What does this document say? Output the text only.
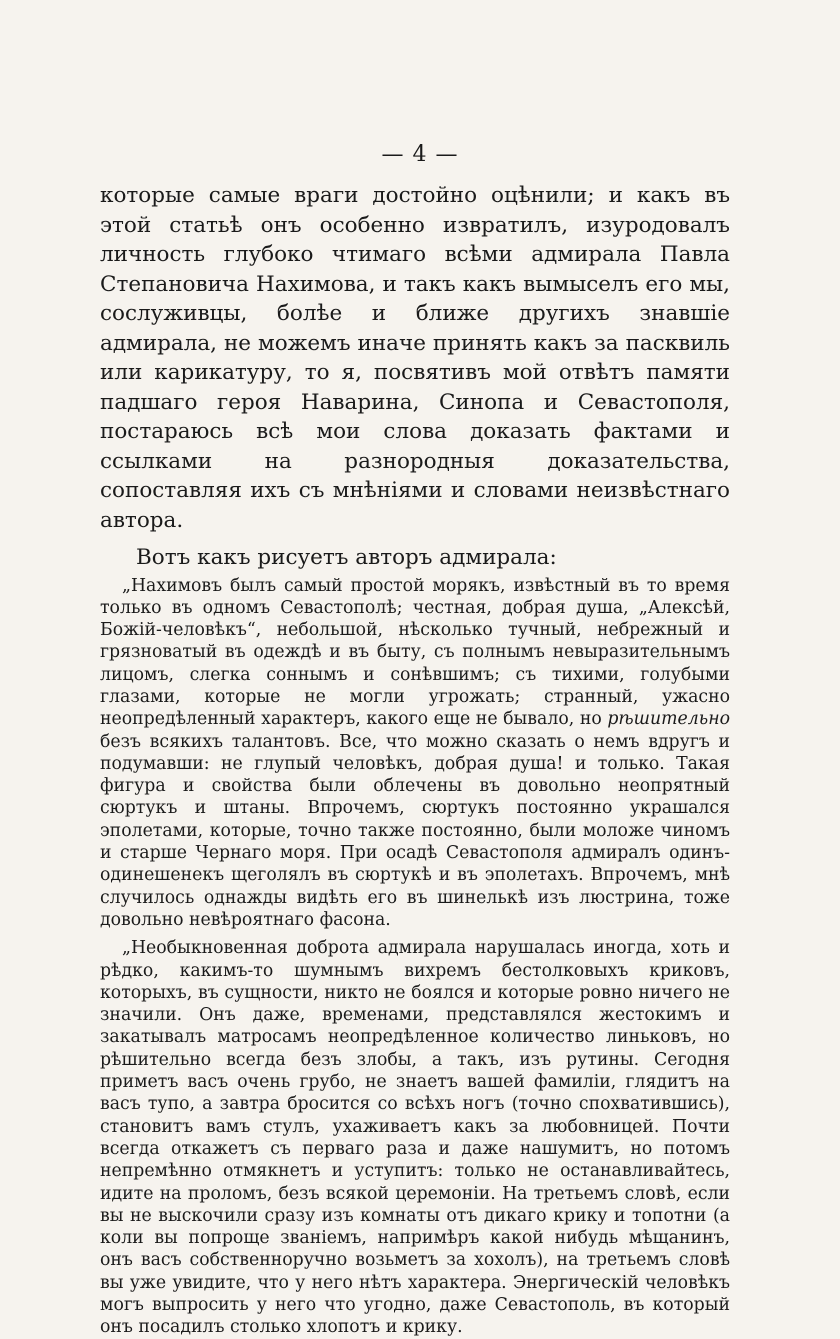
— 4 —

которые самые враги достойно оцѣнили; и какъ въ этой статьѣ онъ особенно извратилъ, изуродовалъ личность глубоко чтимаго всѣми адмирала Павла Степановича Нахимова, и такъ какъ вымыселъ его мы, сослуживцы, болѣе и ближе другихъ знавшіе адмирала, не можемъ иначе принять какъ за пасквиль или карикатуру, то я, посвятивъ мой отвѣтъ памяти падшаго героя Наварина, Синопа и Севастополя, постараюсь всѣ мои слова доказать фактами и ссылками на разнородныя доказательства, сопоставляя ихъ съ мнѣніями и словами неизвѣстнаго автора.

Вотъ какъ рисуетъ авторъ адмирала:

„Нахимовъ былъ самый простой морякъ, извѣстный въ то время только въ одномъ Севастополѣ; честная, добрая душа, „Алексѣй, Божій-человѣкъ“, небольшой, нѣсколько тучный, небрежный и грязноватый въ одеждѣ и въ быту, съ полнымъ невыразительнымъ лицомъ, слегка соннымъ и сонѣвшимъ; съ тихими, голубыми глазами, которые не могли угрожать; странный, ужасно неопредѣленный характеръ, какого еще не бывало, но рѣшительно безъ всякихъ талантовъ. Все, что можно сказать о немъ вдругъ и подумавши: не глупый человѣкъ, добрая душа! и только. Такая фигура и свойства были облечены въ довольно неопрятный сюртукъ и штаны. Впрочемъ, сюртукъ постоянно украшался эполетами, которые, точно также постоянно, были моложе чиномъ и старше Чернаго моря. При осадѣ Севастополя адмиралъ одинъ-одинешенекъ щеголялъ въ сюртукѣ и въ эполетахъ. Впрочемъ, мнѣ случилось однажды видѣть его въ шинелькѣ изъ люстрина, тоже довольно невѣроятнаго фасона.

„Необыкновенная доброта адмирала нарушалась иногда, хоть и рѣдко, какимъ-то шумнымъ вихремъ бестолковыхъ криковъ, которыхъ, въ сущности, никто не боялся и которые ровно ничего не значили. Онъ даже, временами, представлялся жестокимъ и закатывалъ матросамъ неопредѣленное количество линьковъ, но рѣшительно всегда безъ злобы, а такъ, изъ рутины. Сегодня приметъ васъ очень грубо, не знаетъ вашей фамиліи, глядитъ на васъ тупо, а завтра бросится со всѣхъ ногъ (точно спохватившись), становитъ вамъ стулъ, ухаживаетъ какъ за любовницей. Почти всегда откажетъ съ перваго раза и даже нашумитъ, но потомъ непремѣнно отмякнетъ и уступитъ: только не останавливайтесь, идите на проломъ, безъ всякой церемоніи. На третьемъ словѣ, если вы не выскочили сразу изъ комнаты отъ дикаго крику и топотни (а коли вы попроще званіемъ, напримѣръ какой нибудь мѣщанинъ, онъ васъ собственноручно возьметъ за хохолъ), на третьемъ словѣ вы уже увидите, что у него нѣтъ характера. Энергическій человѣкъ могъ выпросить у него что угодно, даже Севастополь, въ который онъ посадилъ столько хлопотъ и крику.
